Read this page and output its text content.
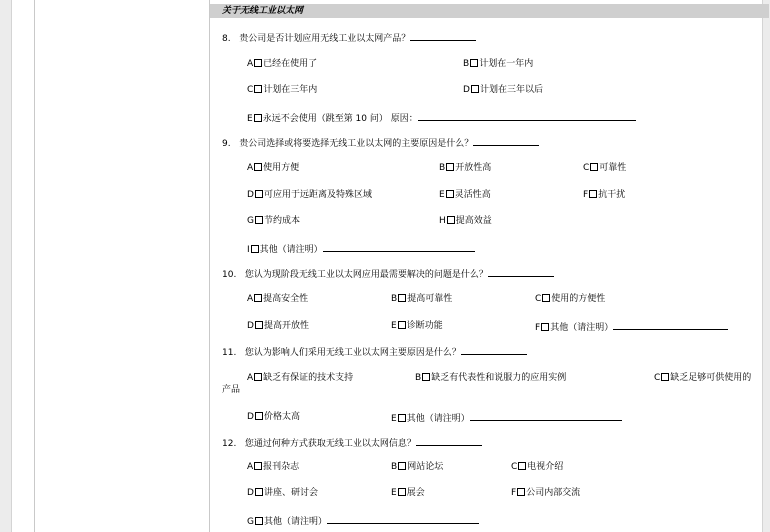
关于无线工业以太网
8. 贵公司是否计划应用无线工业以太网产品？
A 已经在使用了	B 计划在一年内
C 计划在三年内	D 计划在三年以后
E 永远不会使用（跳至第 10 问） 原因：
9. 贵公司选择或将要选择无线工业以太网的主要原因是什么？
A 使用方便	B 开放性高	C 可靠性
D 可应用于远距离及特殊区域	E 灵活性高	F 抗干扰
G 节约成本	H 提高效益
I 其他（请注明）
10. 您认为现阶段无线工业以太网应用最需要解决的问题是什么？
A 提高安全性	B 提高可靠性	C 使用的方便性
D 提高开放性	E 诊断功能	F 其他（请注明）
11. 您认为影响人们采用无线工业以太网主要原因是什么？
A 缺乏有保证的技术支持	B 缺乏有代表性和说服力的应用实例	C 缺乏足够可供使用的
产品
D 价格太高	E 其他（请注明）
12. 您通过何种方式获取无线工业以太网信息？
A 报刊杂志	B 网站论坛	C 电视介绍
D 讲座、研讨会	E 展会	F 公司内部交流
G 其他（请注明）
